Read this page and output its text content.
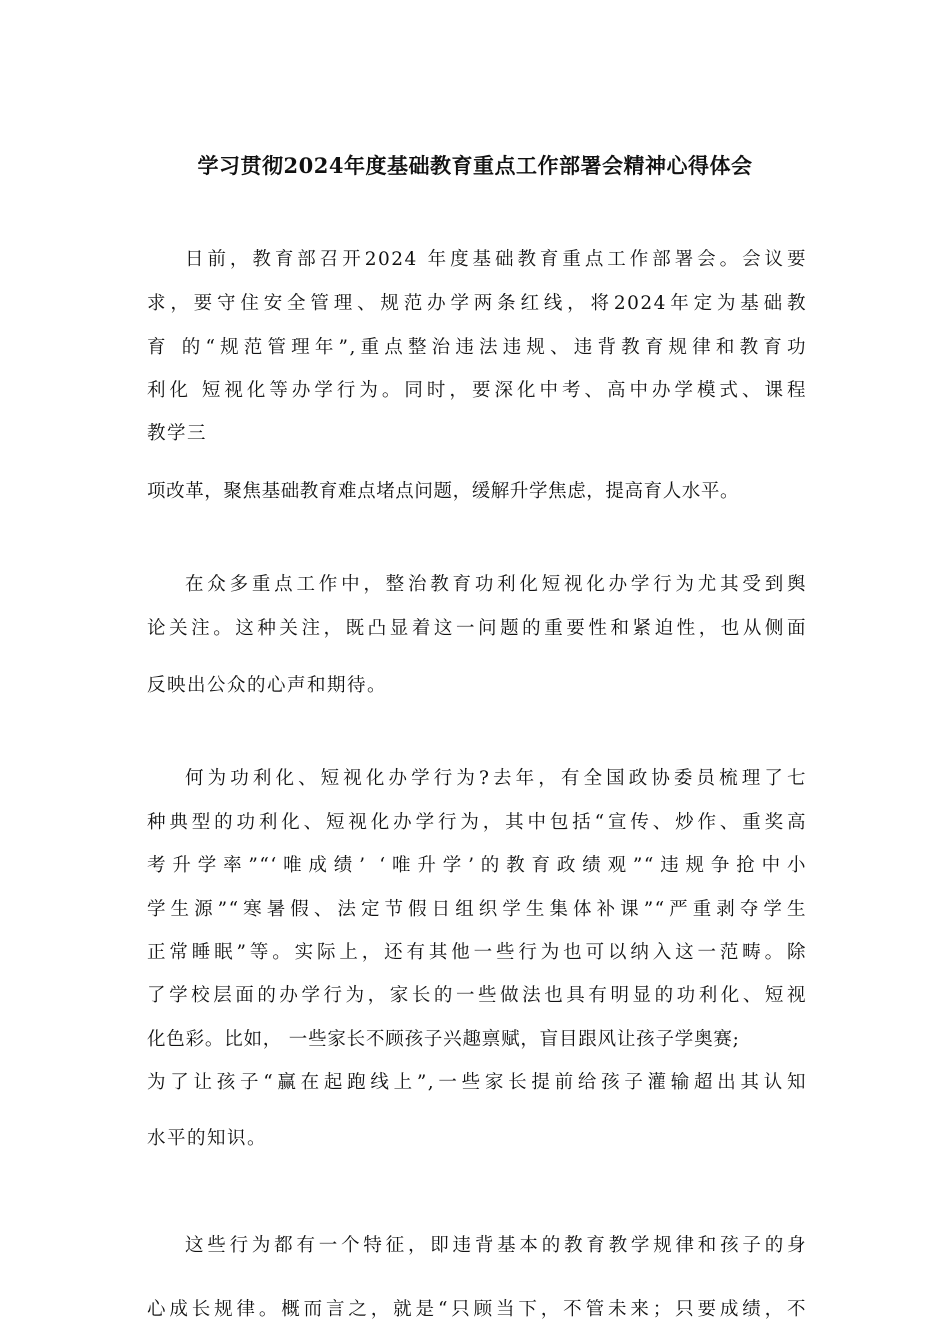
学习贯彻2024年度基础教育重点工作部署会精神心得体会
日前，教育部召开2024 年度基础教育重点工作部署会。会议要
求，要守住安全管理、规范办学两条红线，将2024年定为基础教
育 的“规范管理年”,重点整治违法违规、违背教育规律和教育功
利化 短视化等办学行为。同时，要深化中考、高中办学模式、课程
教学三
项改革，聚焦基础教育难点堵点问题，缓解升学焦虑，提高育人水平。
在众多重点工作中，整治教育功利化短视化办学行为尤其受到舆
论关注。这种关注，既凸显着这一问题的重要性和紧迫性，也从侧面
反映出公众的心声和期待。
何为功利化、短视化办学行为?去年，有全国政协委员梳理了七
种典型的功利化、短视化办学行为，其中包括“宣传、炒作、重奖高
考升学率”“‘唯成绩’ ‘唯升学’的教育政绩观”“违规争抢中小
学生源”“寒暑假、法定节假日组织学生集体补课”“严重剥夺学生
正常睡眠”等。实际上，还有其他一些行为也可以纳入这一范畴。除
了学校层面的办学行为，家长的一些做法也具有明显的功利化、短视
化色彩。比如， 一些家长不顾孩子兴趣禀赋，盲目跟风让孩子学奥赛;
为了让孩子“赢在起跑线上”,一些家长提前给孩子灌输超出其认知
水平的知识。
这些行为都有一个特征，即违背基本的教育教学规律和孩子的身
心成长规律。概而言之，就是“只顾当下，不管未来；只要成绩，不
